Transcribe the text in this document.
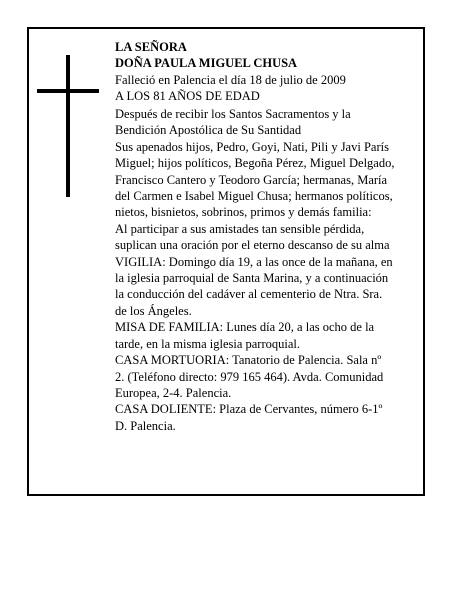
LA SEÑORA
DOÑA PAULA MIGUEL CHUSA
Falleció en Palencia el día 18 de julio de 2009
A LOS 81 AÑOS DE EDAD
Después de recibir los Santos Sacramentos y la
Bendición Apostólica de Su Santidad
Sus apenados hijos, Pedro, Goyi, Nati, Pili y Javi París
Miguel; hijos políticos, Begoña Pérez, Miguel Delgado,
Francisco Cantero y Teodoro García; hermanas, María
del Carmen e Isabel Miguel Chusa; hermanos políticos,
nietos, bisnietos, sobrinos, primos y demás familia:
Al participar a sus amistades tan sensible pérdida,
suplican una oración por el eterno descanso de su alma
VIGILIA: Domingo día 19, a las once de la mañana, en
la iglesia parroquial de Santa Marina, y a continuación
la conducción del cadáver al cementerio de Ntra. Sra.
de los Ángeles.
MISA DE FAMILIA: Lunes día 20, a las ocho de la
tarde, en la misma iglesia parroquial.
CASA MORTUORIA: Tanatorio de Palencia. Sala nº
2. (Teléfono directo: 979 165 464). Avda. Comunidad
Europea, 2-4. Palencia.
CASA DOLIENTE: Plaza de Cervantes, número 6-1º
D. Palencia.
